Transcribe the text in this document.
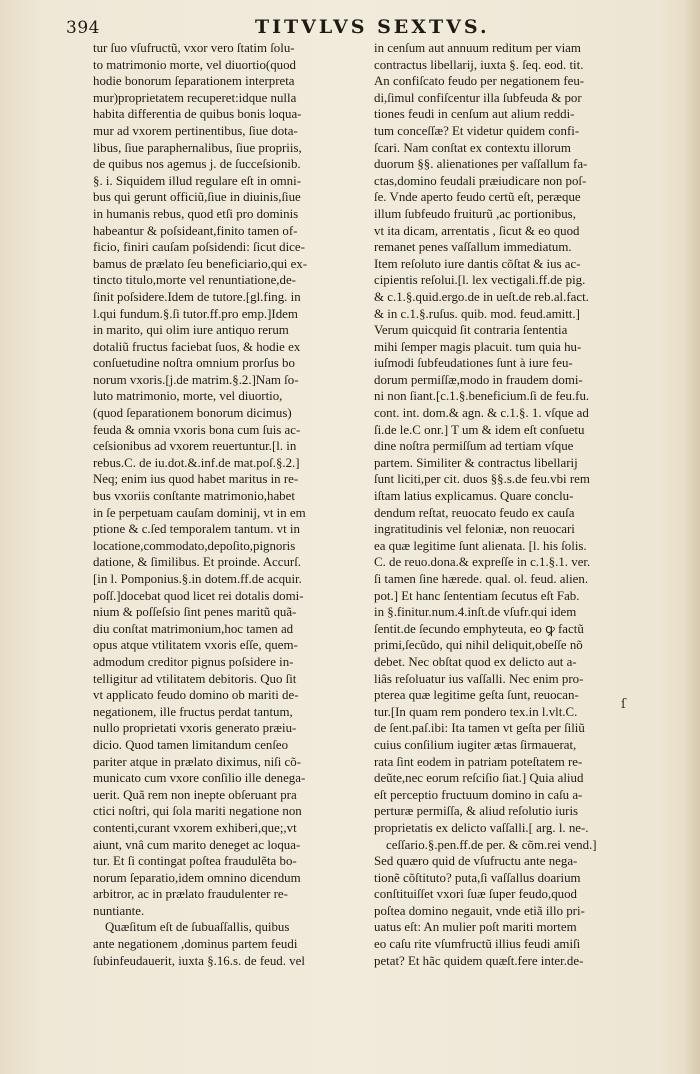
394	TITVLVS SEXTVS.
tur ſuo vſufructũ, vxor vero ſtatim ſolu-
to matrimonio morte, vel diuortio(quod
hodie bonorum ſeparationem interpreta
mur)proprietatem recuperet:idque nulla
habita differentia de quibus bonis loqua-
mur ad vxorem pertinentibus, ſiue dota-
libus, ſiue paraphernalibus, ſiue propriis,
de quibus nos agemus j. de ſucceſsionib.
§. i. Siquidem illud regulare eſt in omni-
bus qui gerunt officiũ,ſiue in diuinis,ſiue
in humanis rebus, quod etſi pro dominis
habeantur & poſsideant,finito tamen of-
ficio, finiri cauſam poſsidendi: ſicut dice-
bamus de prælato ſeu beneficiario,qui ex-
tincto titulo,morte vel renuntiatione,de-
ſinit poſsidere.Idem de tutore.[gl.fing. in
l.qui fundum.§.ſi tutor.ff.pro emp.]Idem
in marito, qui olim iure antiquo rerum
dotaliũ fructus faciebat ſuos, & hodie ex
conſuetudine noſtra omnium prorſus bo
norum vxoris.[j.de matrim.§.2.]Nam ſo-
luto matrimonio, morte, vel diuortio,
(quod ſeparationem bonorum dicimus)
feuda & omnia vxoris bona cum ſuis ac-
ceſsionibus ad vxorem reuertuntur.[l. in
rebus.C. de iu.dot.&.inf.de mat.poſ.§.2.]
Neq; enim ius quod habet maritus in re-
bus vxoriis conſtante matrimonio,habet
in ſe perpetuam cauſam dominij, vt in em
ptione & c.ſed temporalem tantum. vt in
locatione,commodato,depoſito,pignoris
datione, & ſimilibus. Et proinde. Accurſ.
[in l. Pomponius.§.in dotem.ff.de acquir.
poſſ.]docebat quod licet rei dotalis domi-
nium & poſſeſsio ſint penes maritũ quã-
diu conſtat matrimonium,hoc tamen ad
opus atque vtilitatem vxoris eſſe, quem-
admodum creditor pignus poſsidere in-
telligitur ad vtilitatem debitoris. Quo ſit
vt applicato feudo domino ob mariti de-
negationem, ille fructus perdat tantum,
nullo proprietati vxoris generato præiu-
dicio. Quod tamen limitandum cenſeo
pariter atque in prælato diximus, niſi cõ-
municato cum vxore conſilio ille denega-
uerit. Quã rem non inepte obſeruant pra
ctici noſtri, qui ſola mariti negatione non
contenti,curant vxorem exhiberi,que;,vt
aiunt, vnâ cum marito deneget ac loqua-
tur. Et ſi contingat poſtea fraudulẽta bo-
norum ſeparatio,idem omnino dicendum
arbitror, ac in prælato fraudulenter re-
nuntiante.
Quæſitum eſt de ſubuaſſallis, quibus
ante negationem ,dominus partem feudi
ſubinfeudauerit, iuxta §.16.s. de feud. vel
in cenſum aut annuum reditum per viam
contractus libellarij, iuxta §. ſeq. eod. tit.
An confiſcato feudo per negationem feu-
di,ſimul confiſcentur illa ſubfeuda & por
tiones feudi in cenſum aut alium reddi-
tum conceſſæ? Et videtur quidem confi-
ſcari. Nam conſtat ex contextu illorum
duorum §§. alienationes per vaſſallum fa-
ctas,domino feudali præiudicare non poſ-
ſe. Vnde aperto feudo certũ eſt, peræque
illum ſubfeudo fruiturũ ,ac portionibus,
vt ita dicam, arrentatis , ſicut & eo quod
remanet penes vaſſallum immediatum.
Item reſoluto iure dantis cõſtat & ius ac-
cipientis reſolui.[l. lex vectigali.ff.de pig.
& c.1.§.quid.ergo.de in ueſt.de reb.al.fact.
& in c.1.§.ruſus. quib. mod. feud.amitt.]
Verum quicquid ſit contraria ſententia
mihi ſemper magis placuit. tum quia hu-
iuſmodi ſubfeudationes ſunt à iure feu-
dorum permiſſæ,modo in fraudem domi-
ni non ſiant.[c.1.§.beneficium.ſi de feu.fu.
cont. int. dom.& agn. & c.1.§. 1. vſque ad
ſi.de le.C onr.] T um & idem eſt conſuetu
dine noſtra permiſſum ad tertiam vſque
partem. Similiter & contractus libellarij
ſunt liciti,per cit. duos §§.s.de feu.vbi rem
iſtam latius explicamus. Quare conclu-
dendum reſtat, reuocato feudo ex cauſa
ingratitudinis vel feloniæ, non reuocari
ea quæ legitime ſunt alienata. [l. his ſolis.
C. de reuo.dona.& expreſſe in c.1.§.1. ver.
ſi tamen ſine hærede. qual. ol. feud. alien.
pot.] Et hanc ſententiam ſecutus eſt Fab.
in §.finitur.num.4.inſt.de vſufr.qui idem
ſentit.de ſecundo emphyteuta, eo ꝙ factũ
primi,ſecũdo, qui nihil deliquit,obeſſe nõ
debet. Nec obſtat quod ex delicto aut a-
liâs reſoluatur ius vaſſalli. Nec enim pro-
pterea quæ legitime geſta ſunt, reuocan-
tur.[In quam rem pondero tex.in l.vlt.C.
de ſent.paſ.ibi: Ita tamen vt geſta per ſiliũ
cuius conſilium iugiter ætas ſirmauerat,
rata ſint eodem in patriam poteſtatem re-
deũte,nec eorum reſciſio ſiat.] Quia aliud
eſt perceptio fructuum domino in caſu a-
perturæ permiſſa, & aliud reſolutio iuris
proprietatis ex delicto vaſſalli.[ arg. l. ne-.
ceſſario.§.pen.ff.de per. & cõm.rei vend.]
Sed quæro quid de vſufructu ante nega-
tionẽ cõſtituto? puta,ſi vaſſallus doarium
conſtituiſſet vxori ſuæ ſuper feudo,quod
poſtea domino negauit, vnde etiã illo pri-
uatus eſt: An mulier poſt mariti mortem
eo caſu rite vſumfructũ illius feudi amiſi
petat? Et hãc quidem quæſt.fere inter.de-
ſ
